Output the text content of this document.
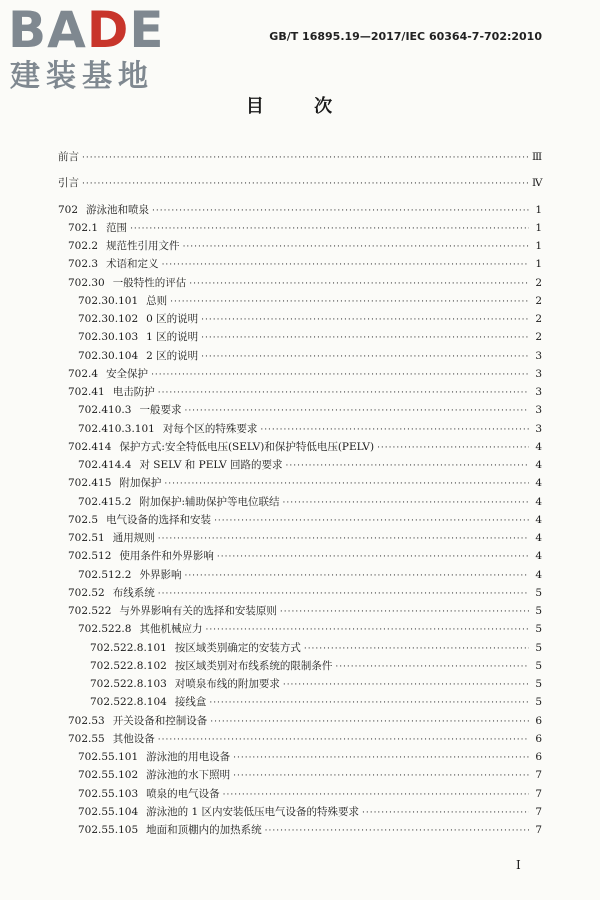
BADE
建装基地
GB/T 16895.19—2017/IEC 60364-7-702:2010
目 次
前言 ·····	Ⅲ
引言 ·····	Ⅳ
702 游泳池和喷泉 ·····	1
702.1 范围 ·····	1
702.2 规范性引用文件 ·····	1
702.3 术语和定义 ·····	1
702.30 一般特性的评估 ·····	2
702.30.101 总则 ·····	2
702.30.102 0 区的说明 ·····	2
702.30.103 1 区的说明 ·····	2
702.30.104 2 区的说明 ·····	3
702.4 安全保护 ·····	3
702.41 电击防护 ·····	3
702.410.3 一般要求 ·····	3
702.410.3.101 对每个区的特殊要求 ·····	3
702.414 保护方式:安全特低电压(SELV)和保护特低电压(PELV) ·····	4
702.414.4 对 SELV 和 PELV 回路的要求 ·····	4
702.415 附加保护 ·····	4
702.415.2 附加保护:辅助保护等电位联结 ·····	4
702.5 电气设备的选择和安装 ·····	4
702.51 通用规则 ·····	4
702.512 使用条件和外界影响 ·····	4
702.512.2 外界影响 ·····	4
702.52 布线系统 ·····	5
702.522 与外界影响有关的选择和安装原则 ·····	5
702.522.8 其他机械应力 ·····	5
702.522.8.101 按区域类别确定的安装方式 ·····	5
702.522.8.102 按区域类别对布线系统的限制条件 ·····	5
702.522.8.103 对喷泉布线的附加要求 ·····	5
702.522.8.104 接线盒 ·····	5
702.53 开关设备和控制设备 ·····	6
702.55 其他设备 ·····	6
702.55.101 游泳池的用电设备 ·····	6
702.55.102 游泳池的水下照明 ·····	7
702.55.103 喷泉的电气设备 ·····	7
702.55.104 游泳池的 1 区内安装低压电气设备的特殊要求 ·····	7
702.55.105 地面和顶棚内的加热系统 ·····	7
Ⅰ
